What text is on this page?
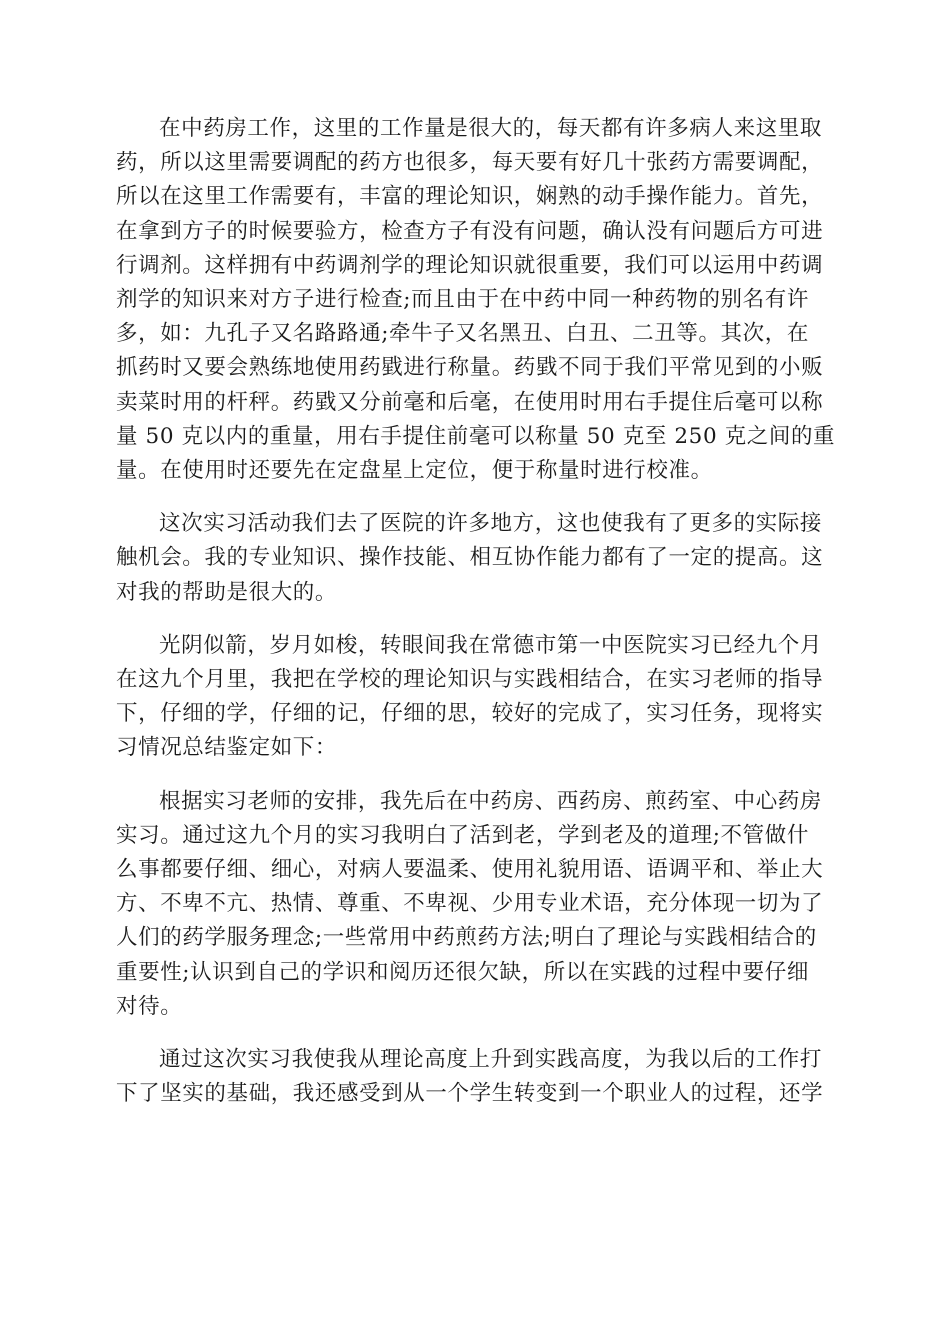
在中药房工作，这里的工作量是很大的，每天都有许多病人来这里取
药，所以这里需要调配的药方也很多，每天要有好几十张药方需要调配，
所以在这里工作需要有，丰富的理论知识，娴熟的动手操作能力。首先，
在拿到方子的时候要验方，检查方子有没有问题，确认没有问题后方可进
行调剂。这样拥有中药调剂学的理论知识就很重要，我们可以运用中药调
剂学的知识来对方子进行检查;而且由于在中药中同一种药物的别名有许
多，如：九孔子又名路路通;牵牛子又名黑丑、白丑、二丑等。其次，在
抓药时又要会熟练地使用药戥进行称量。药戥不同于我们平常见到的小贩
卖菜时用的杆秤。药戥又分前毫和后毫，在使用时用右手提住后毫可以称
量 50 克以内的重量，用右手提住前毫可以称量 50 克至 250 克之间的重
量。在使用时还要先在定盘星上定位，便于称量时进行校准。

这次实习活动我们去了医院的许多地方，这也使我有了更多的实际接
触机会。我的专业知识、操作技能、相互协作能力都有了一定的提高。这
对我的帮助是很大的。

光阴似箭，岁月如梭，转眼间我在常德市第一中医院实习已经九个月
在这九个月里，我把在学校的理论知识与实践相结合，在实习老师的指导
下，仔细的学，仔细的记，仔细的思，较好的完成了，实习任务，现将实
习情况总结鉴定如下：

根据实习老师的安排，我先后在中药房、西药房、煎药室、中心药房
实习。通过这九个月的实习我明白了活到老，学到老及的道理;不管做什
么事都要仔细、细心，对病人要温柔、使用礼貌用语、语调平和、举止大
方、不卑不亢、热情、尊重、不卑视、少用专业术语，充分体现一切为了
人们的药学服务理念;一些常用中药煎药方法;明白了理论与实践相结合的
重要性;认识到自己的学识和阅历还很欠缺，所以在实践的过程中要仔细
对待。

通过这次实习我使我从理论高度上升到实践高度，为我以后的工作打
下了坚实的基础，我还感受到从一个学生转变到一个职业人的过程，还学
